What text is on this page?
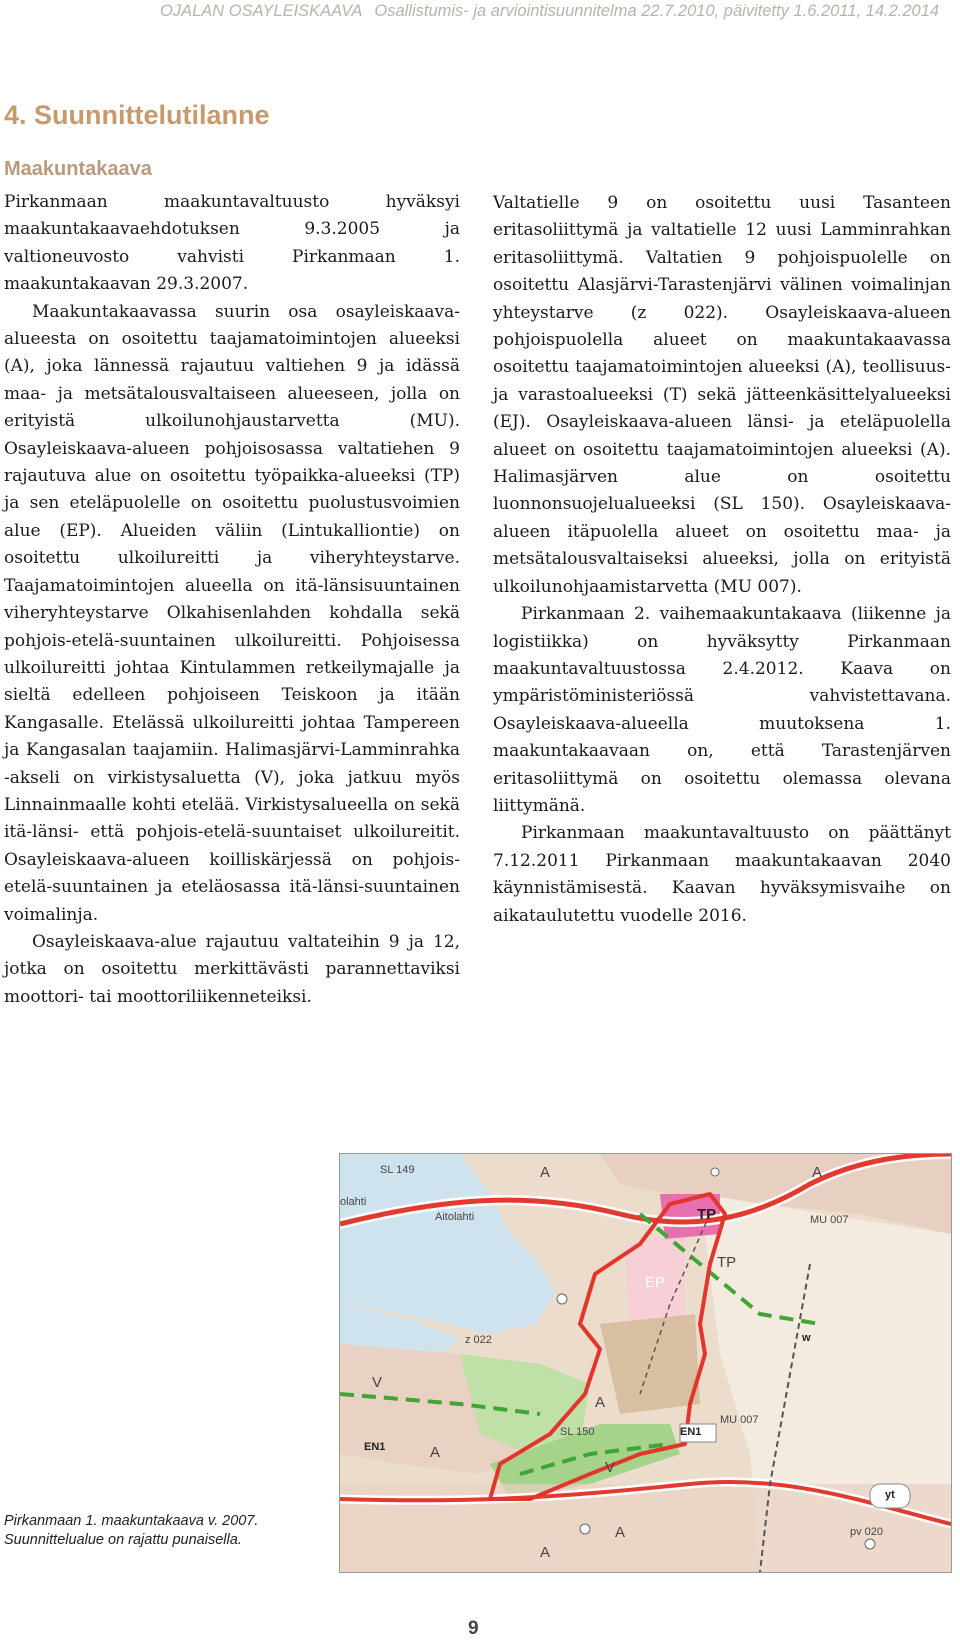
OJALAN OSAYLEISKAAVA Osallistumis- ja arviointisuunnitelma 22.7.2010, päivitetty 1.6.2011, 14.2.2014
4. Suunnittelutilanne
Maakuntakaava

Pirkanmaan maakuntavaltuusto hyväksyi maakuntakaavaehdotuksen 9.3.2005 ja valtioneuvosto vahvisti Pirkanmaan 1. maakuntakaavan 29.3.2007.

Maakuntakaavassa suurin osa osayleiskaava-alueesta on osoitettu taajamatoimintojen alueeksi (A), joka lännessä rajautuu valtiehen 9 ja idässä maa- ja metsätalousvaltaiseen alueeseen, jolla on erityistä ulkoilunohjaustarvetta (MU). Osayleiskaava-alueen pohjoisosassa valtatiehen 9 rajautuva alue on osoitettu työpaikka-alueeksi (TP) ja sen eteläpuolelle on osoitettu puolustusvoimien alue (EP). Alueiden väliin (Lintukalliontie) on osoitettu ulkoilureitti ja viheryhteystarve. Taajamatoimintojen alueella on itä-länsisuuntainen viheryhteystarve Olkahisenlahden kohdalla sekä pohjois-etelä-suuntainen ulkoilureitti. Pohjoisessa ulkoilureitti johtaa Kintulammen retkeilymajalle ja sieltä edelleen pohjoiseen Teiskoon ja itään Kangasalle. Etelässä ulkoilureitti johtaa Tampereen ja Kangasalan taajamiin. Halimasjärvi-Lamminrahka -akseli on virkistysaluetta (V), joka jatkuu myös Linnainmaalle kohti etelää. Virkistysalueella on sekä itä-länsi- että pohjois-etelä-suuntaiset ulkoilureitit. Osayleiskaava-alueen koilliskärjessä on pohjois-etelä-suuntainen ja eteläosassa itä-länsi-suuntainen voimalinja.

Osayleiskaava-alue rajautuu valtateihin 9 ja 12, jotka on osoitettu merkittävästi parannettaviksi moottori- tai moottoriliikenneteiksi.

Valtatielle 9 on osoitettu uusi Tasanteen eritasoliittymä ja valtatielle 12 uusi Lamminrahkan eritasoliittymä. Valtatien 9 pohjoispuolelle on osoitettu Alasjärvi-Tarastenjärvi välinen voimalinjan yhteystarve (z 022). Osayleiskaava-alueen pohjoispuolella alueet on maakuntakaavassa osoitettu taajamatoimintojen alueeksi (A), teollisuus- ja varastoalueeksi (T) sekä jätteenkäsittelyalueeksi (EJ). Osayleiskaava-alueen länsi- ja eteläpuolella alueet on osoitettu taajamatoimintojen alueeksi (A). Halimasjärven alue on osoitettu luonnonsuojelualueeksi (SL 150). Osayleiskaava-alueen itäpuolella alueet on osoitettu maa- ja metsätalousvaltaiseksi alueeksi, jolla on erityistä ulkoilunohjaamistarvetta (MU 007).

Pirkanmaan 2. vaihemaakuntakaava (liikenne ja logistiikka) on hyväksytty Pirkanmaan maakuntavaltuustossa 2.4.2012. Kaava on ympäristöministeriössä vahvistettavana. Osayleiskaava-alueella muutoksena 1. maakuntakaavaan on, että Tarastenjärven eritasoliittymä on osoitettu olemassa olevana liittymänä.

Pirkanmaan maakuntavaltuusto on päättänyt 7.12.2011 Pirkanmaan maakuntakaavan 2040 käynnistämisestä. Kaavan hyväksymisvaihe on aikataulutettu vuodelle 2016.

SL 149
olahti
Aitolahti
A	A
A
A
A
A
TP	MU 007
MU 007
EP
TP
z 022
V
V
SL 150
EN1
EN1
yt
pv 020
w
Pirkanmaan 1. maakuntakaava v. 2007.
Suunnittelualue on rajattu punaisella.
9
